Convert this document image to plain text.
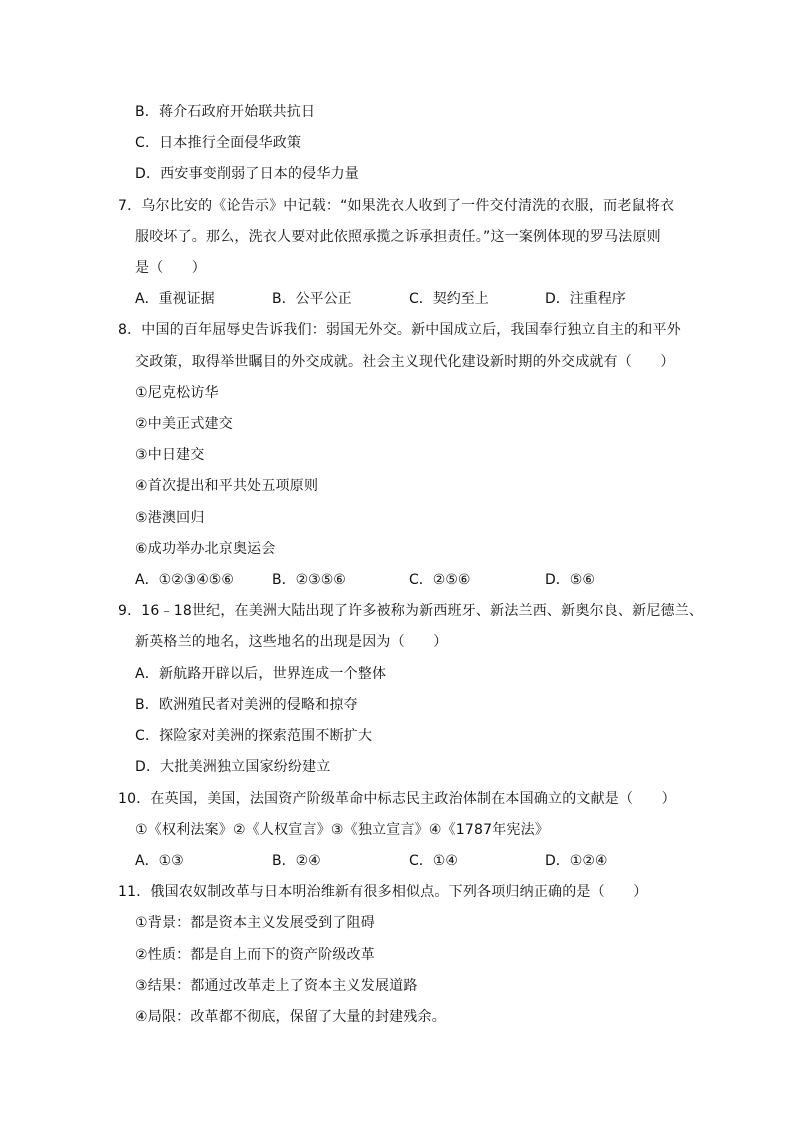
B．蒋介石政府开始联共抗日
C．日本推行全面侵华政策
D．西安事变削弱了日本的侵华力量
7．乌尔比安的《论告示》中记载：“如果洗衣人收到了一件交付清洗的衣服，而老鼠将衣
服咬坏了。那么，洗衣人要对此依照承揽之诉承担责任。”这一案例体现的罗马法原则
是（　　）
A．重视证据	B．公平公正	C．契约至上	D．注重程序
8．中国的百年屈辱史告诉我们：弱国无外交。新中国成立后，我国奉行独立自主的和平外
交政策，取得举世瞩目的外交成就。社会主义现代化建设新时期的外交成就有（　　）
①尼克松访华
②中美正式建交
③中日建交
④首次提出和平共处五项原则
⑤港澳回归
⑥成功举办北京奥运会
A．①②③④⑤⑥	B．②③⑤⑥	C．②⑤⑥	D．⑤⑥
9．16﹣18世纪，在美洲大陆出现了许多被称为新西班牙、新法兰西、新奥尔良、新尼德兰、
新英格兰的地名，这些地名的出现是因为（　　）
A．新航路开辟以后，世界连成一个整体
B．欧洲殖民者对美洲的侵略和掠夺
C．探险家对美洲的探索范围不断扩大
D．大批美洲独立国家纷纷建立
10．在英国，美国，法国资产阶级革命中标志民主政治体制在本国确立的文献是（　　）
①《权利法案》②《人权宣言》③《独立宣言》④《1787年宪法》
A．①③	B．②④	C．①④	D．①②④
11．俄国农奴制改革与日本明治维新有很多相似点。下列各项归纳正确的是（　　）
①背景：都是资本主义发展受到了阻碍
②性质：都是自上而下的资产阶级改革
③结果：都通过改革走上了资本主义发展道路
④局限：改革都不彻底，保留了大量的封建残余。
